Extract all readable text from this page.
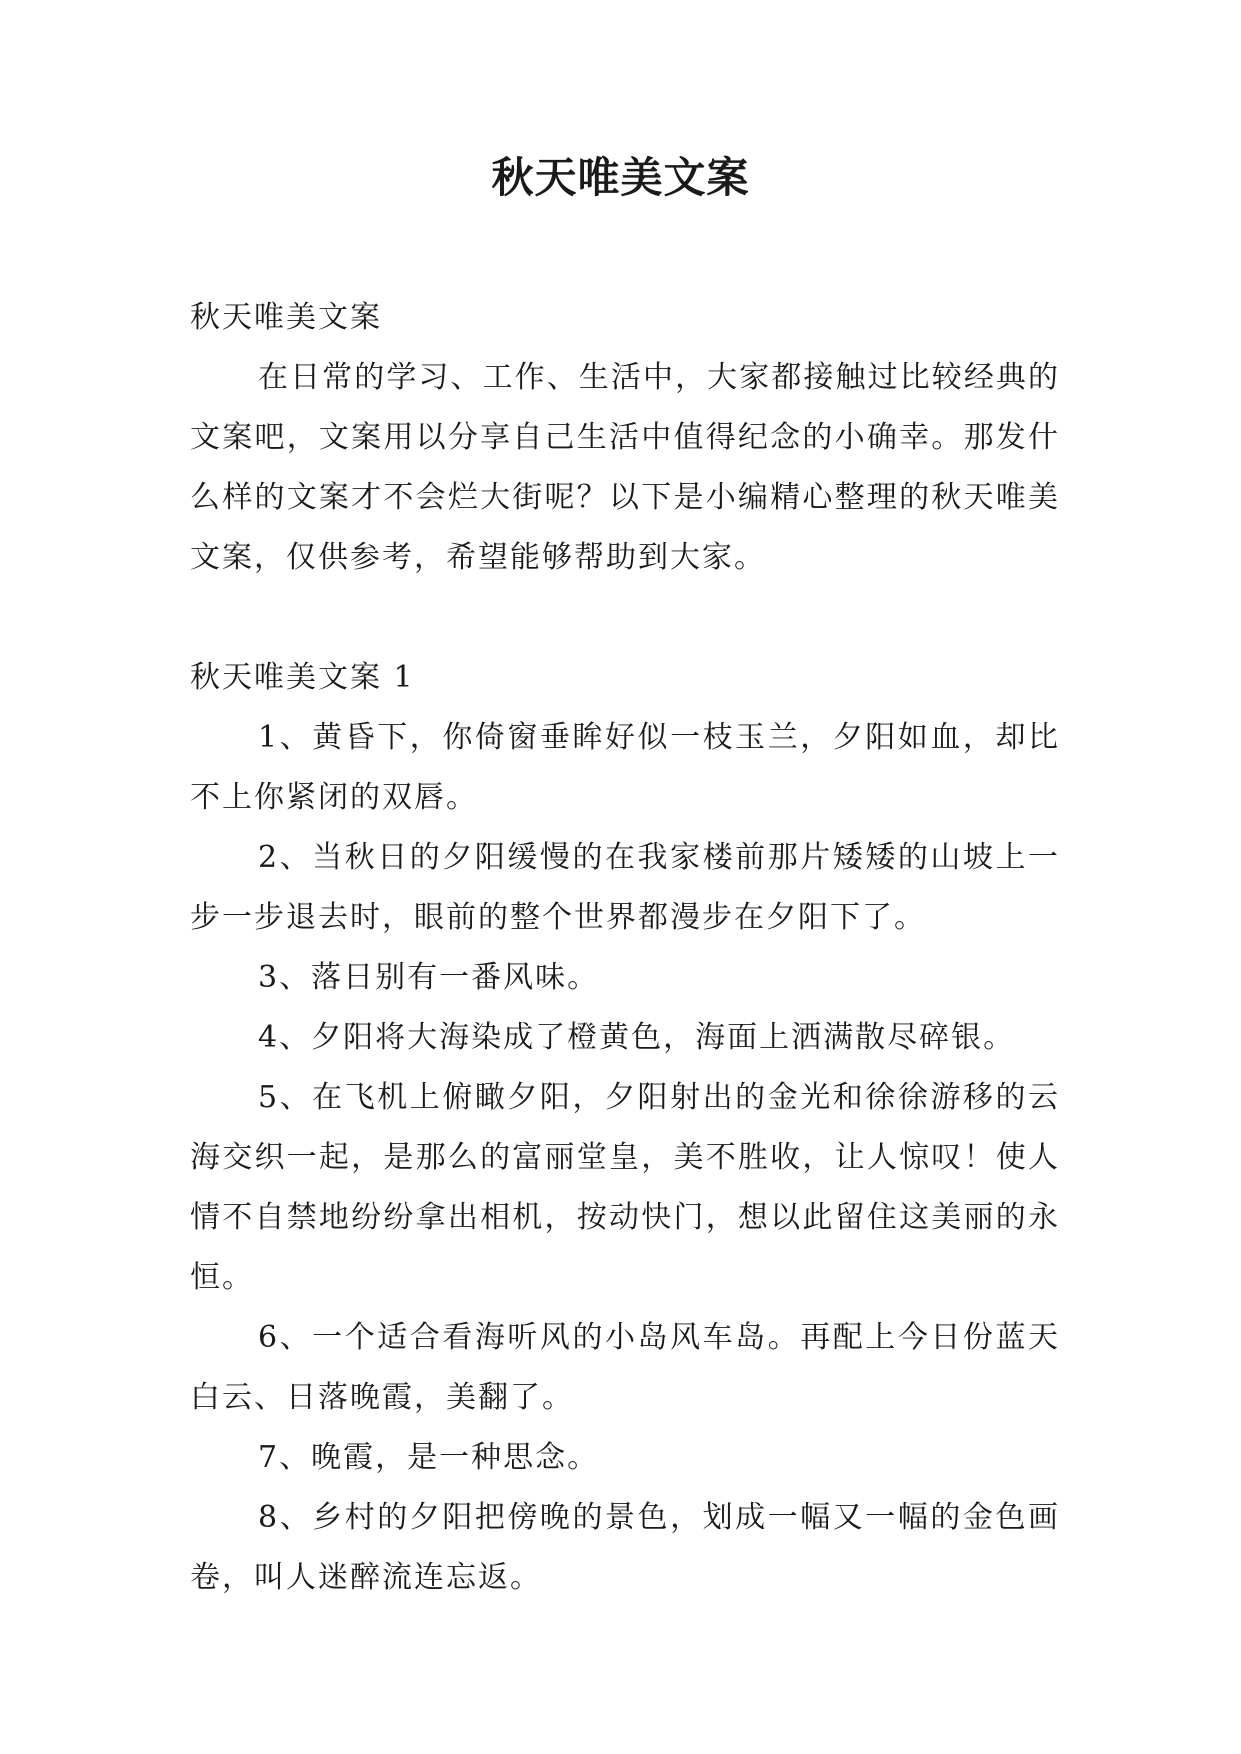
秋天唯美文案

秋天唯美文案

在日常的学习、工作、生活中，大家都接触过比较经典的文案吧，文案用以分享自己生活中值得纪念的小确幸。那发什么样的文案才不会烂大街呢？以下是小编精心整理的秋天唯美文案，仅供参考，希望能够帮助到大家。

秋天唯美文案 1

1、黄昏下，你倚窗垂眸好似一枝玉兰，夕阳如血，却比不上你紧闭的双唇。

2、当秋日的夕阳缓慢的在我家楼前那片矮矮的山坡上一步一步退去时，眼前的整个世界都漫步在夕阳下了。

3、落日别有一番风味。

4、夕阳将大海染成了橙黄色，海面上洒满散尽碎银。

5、在飞机上俯瞰夕阳，夕阳射出的金光和徐徐游移的云海交织一起，是那么的富丽堂皇，美不胜收，让人惊叹！使人情不自禁地纷纷拿出相机，按动快门，想以此留住这美丽的永恒。

6、一个适合看海听风的小岛风车岛。再配上今日份蓝天白云、日落晚霞，美翻了。

7、晚霞，是一种思念。

8、乡村的夕阳把傍晚的景色，划成一幅又一幅的金色画卷，叫人迷醉流连忘返。
